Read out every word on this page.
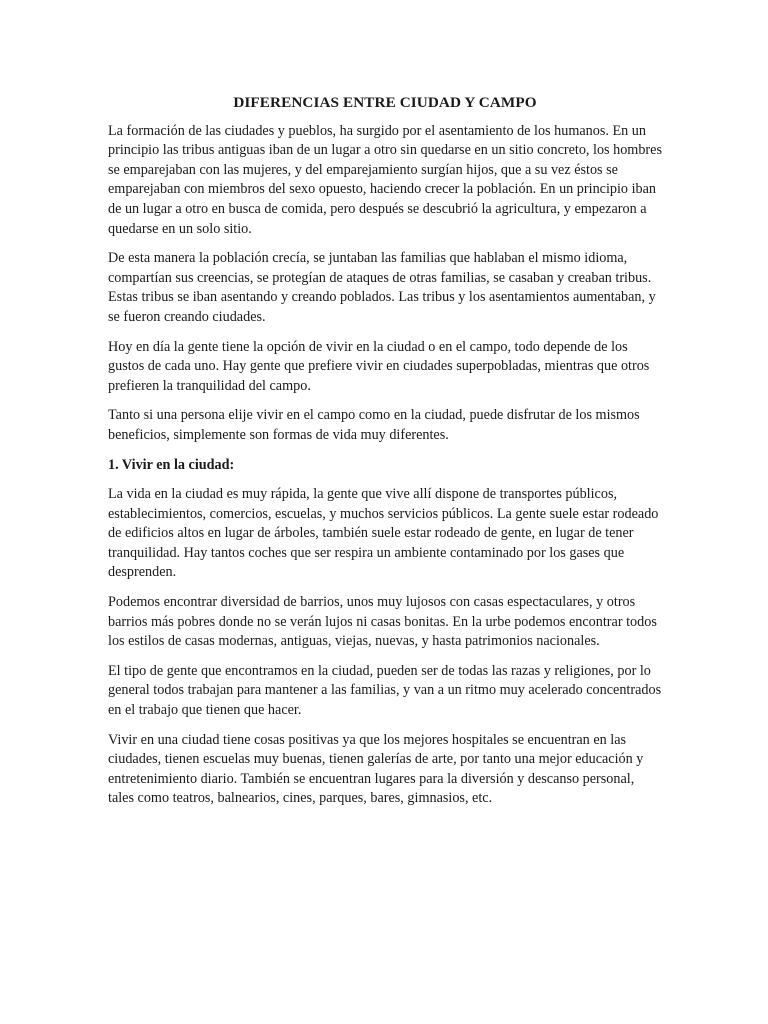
DIFERENCIAS ENTRE CIUDAD Y CAMPO

La formación de las ciudades y pueblos, ha surgido por el asentamiento de los humanos. En un principio las tribus antiguas iban de un lugar a otro sin quedarse en un sitio concreto, los hombres se emparejaban con las mujeres, y del emparejamiento surgían hijos, que a su vez éstos se emparejaban con miembros del sexo opuesto, haciendo crecer la población. En un principio iban de un lugar a otro en busca de comida, pero después se descubrió la agricultura, y empezaron a quedarse en un solo sitio.

De esta manera la población crecía, se juntaban las familias que hablaban el mismo idioma, compartían sus creencias, se protegían de ataques de otras familias, se casaban y creaban tribus. Estas tribus se iban asentando y creando poblados. Las tribus y los asentamientos aumentaban, y se fueron creando ciudades.

Hoy en día la gente tiene la opción de vivir en la ciudad o en el campo, todo depende de los gustos de cada uno. Hay gente que prefiere vivir en ciudades superpobladas, mientras que otros prefieren la tranquilidad del campo.

Tanto si una persona elije vivir en el campo como en la ciudad, puede disfrutar de los mismos beneficios, simplemente son formas de vida muy diferentes.

1. Vivir en la ciudad:

La vida en la ciudad es muy rápida, la gente que vive allí dispone de transportes públicos, establecimientos, comercios, escuelas, y muchos servicios públicos. La gente suele estar rodeado de edificios altos en lugar de árboles, también suele estar rodeado de gente, en lugar de tener tranquilidad. Hay tantos coches que ser respira un ambiente contaminado por los gases que desprenden.

Podemos encontrar diversidad de barrios, unos muy lujosos con casas espectaculares, y otros barrios más pobres donde no se verán lujos ni casas bonitas. En la urbe podemos encontrar todos los estilos de casas modernas, antiguas, viejas, nuevas, y hasta patrimonios nacionales.

El tipo de gente que encontramos en la ciudad, pueden ser de todas las razas y religiones, por lo general todos trabajan para mantener a las familias, y van a un ritmo muy acelerado concentrados en el trabajo que tienen que hacer.

Vivir en una ciudad tiene cosas positivas ya que los mejores hospitales se encuentran en las ciudades, tienen escuelas muy buenas, tienen galerías de arte, por tanto una mejor educación y entretenimiento diario. También se encuentran lugares para la diversión y descanso personal, tales como teatros, balnearios, cines, parques, bares, gimnasios, etc.
